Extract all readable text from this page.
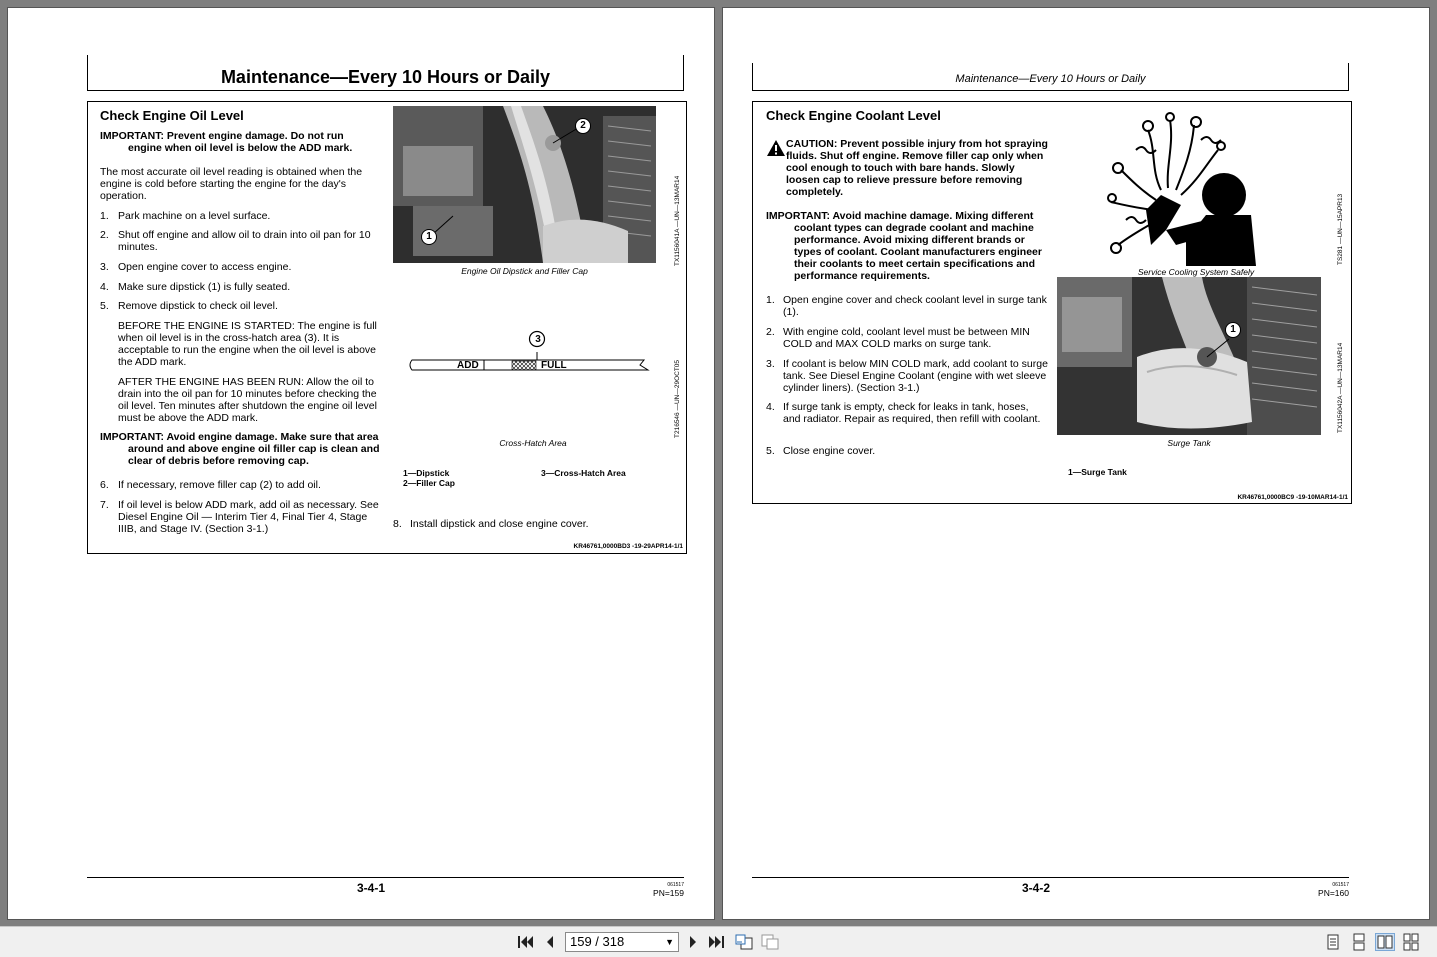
Maintenance—Every 10 Hours or Daily
Check Engine Oil Level
IMPORTANT: Prevent engine damage. Do not run engine when oil level is below the ADD mark.
The most accurate oil level reading is obtained when the engine is cold before starting the engine for the day's operation.
1. Park machine on a level surface.
2. Shut off engine and allow oil to drain into oil pan for 10 minutes.
3. Open engine cover to access engine.
4. Make sure dipstick (1) is fully seated.
5. Remove dipstick to check oil level.
BEFORE THE ENGINE IS STARTED: The engine is full when oil level is in the cross-hatch area (3). It is acceptable to run the engine when the oil level is above the ADD mark.
AFTER THE ENGINE HAS BEEN RUN: Allow the oil to drain into the oil pan for 10 minutes before checking the oil level. Ten minutes after shutdown the engine oil level must be above the ADD mark.
IMPORTANT: Avoid engine damage. Make sure that area around and above engine oil filler cap is clean and clear of debris before removing cap.
6. If necessary, remove filler cap (2) to add oil.
7. If oil level is below ADD mark, add oil as necessary. See Diesel Engine Oil — Interim Tier 4, Final Tier 4, Stage IIIB, and Stage IV. (Section 3-1.)
2
1	TX1156041A —UN—13MAR14
Engine Oil Dipstick and Filler Cap
3
ADD	FULL	T216546 —UN—29OCT05
Cross-Hatch Area
1—Dipstick
2—Filler Cap
3—Cross-Hatch Area
8. Install dipstick and close engine cover.
KR46761,0000BD3 -19-29APR14-1/1
3-4-1	061517
PN=159
Maintenance—Every 10 Hours or Daily
Check Engine Coolant Level
CAUTION: Prevent possible injury from hot spraying fluids. Shut off engine. Remove filler cap only when cool enough to touch with bare hands. Slowly loosen cap to relieve pressure before removing completely.
IMPORTANT: Avoid machine damage. Mixing different coolant types can degrade coolant and machine performance. Avoid mixing different brands or types of coolant. Coolant manufacturers engineer their coolants to meet certain specifications and performance requirements.
1. Open engine cover and check coolant level in surge tank (1).
2. With engine cold, coolant level must be between MIN COLD and MAX COLD marks on surge tank.
3. If coolant is below MIN COLD mark, add coolant to surge tank. See Diesel Engine Coolant (engine with wet sleeve cylinder liners). (Section 3-1.)
4. If surge tank is empty, check for leaks in tank, hoses, and radiator. Repair as required, then refill with coolant.
5. Close engine cover.
Service Cooling System Safely
TS281 —UN—15APR13
1
TX1156042A —UN—13MAR14
Surge Tank
1—Surge Tank
KR46761,0000BC9 -19-10MAR14-1/1
3-4-2	061517
PN=160
159 / 318	▼
